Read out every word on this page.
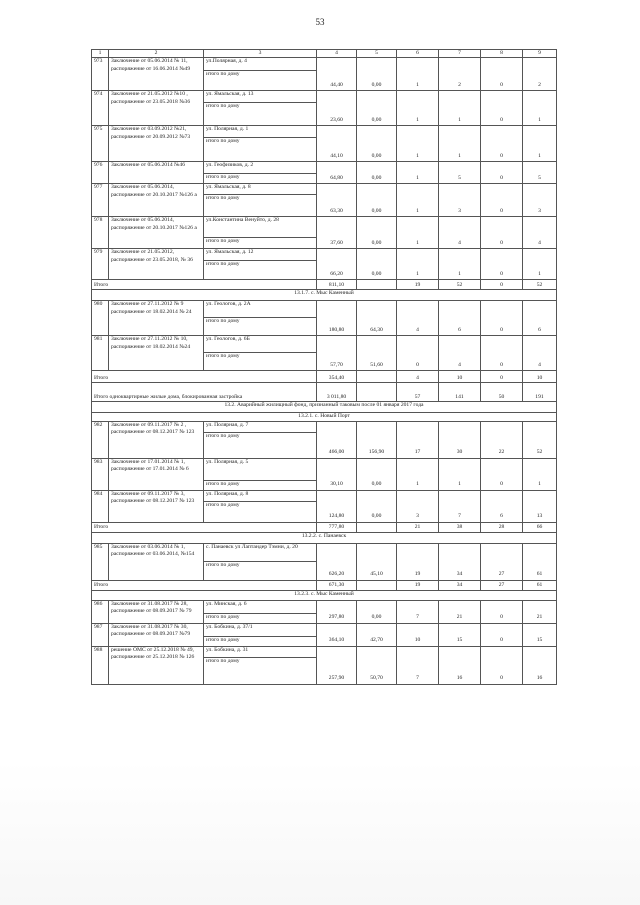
53
1	2	3	4	5	6	7	8	9
973	Заключение от 05.06.2014 № 11, распоряжение от 16.06.2014 №49	ул.Полярная, д. 4	44,40	0,00	1	2	0	2
		итого по дому						
974	Заключение от 21.05.2012 №10 , распоряжение от 23.05.2018 №36	ул. Ямальская, д. 13	23,60	0,00	1	1	0	1
		итого по дому						
975	Заключение от 03.09.2012 №21, распоряжение от 20.09.2012 №73	ул. Полярная, д. 1	44,10	0,00	1	1	0	1
		итого по дому						
976	Заключение от 05.06.2014 №46	ул. Геофизиков, д. 2	64,80	0,00	1	5	0	5
		итого по дому						
977	Заключение от 05.06.2014, распоряжение от 20.10.2017 №126 а	ул. Ямальская, д. 8	63,30	0,00	1	3	0	3
		итого по дому						
978	Заключение от 05.06.2014, распоряжение от 20.10.2017 №126 а	ул.Константина Венуйто, д. 28	37,60	0,00	1	4	0	4
		итого по дому						
979	Заключение от 21.05.2012, распоряжение от 23.05.2018, № 36	ул. Ямальская, д. 12	66,20	0,00	1	1	0	1
		итого по дому						
Итого			811,10		19	52	0	52
13.1.7. с. Мыс Каменный								
980	Заключение от 27.11.2012 № 9 распоряжение от 18.02.2014 № 24	ул. Геологов, д. 2А	180,80	64,30	4	6	0	6
		итого по дому						
981	Заключение от 27.11.2012 № 10, распоряжение от 18.02.2014 №24	ул. Геологов, д. 6Б	57,70	51,60	0	4	0	4
		итого по дому						
Итого			354,40		4	10	0	10
Итого одноквартирные жилые дома, блокированная застройка			3 011,80		57	141	50	191
13.2. Аварийный жилищный фонд, признанный таковым после 01 января 2017 года								
13.2.1. с. Новый Порт								
982	Заключение от 09.11.2017 № 2 , распоряжение от 08.12.2017 № 123	ул. Полярная, д. 7	466,00	156,90	17	30	22	52
		итого по дому						
983	Заключение от 17.01.2014 № 1, распоряжение от 17.01.2014 № 6	ул. Полярная, д. 5	30,10	0,00	1	1	0	1
		итого по дому						
984	Заключение от 09.11.2017 № 3, распоряжение от 08.12.2017 № 123	ул. Полярная, д. 8	124,80	0,00	3	7	6	13
		итого по дому						
Итого			777,80		21	38	28	66
13.2.2. с. Панаевск								
985	Заключение от 03.06.2014 № 1, распоряжение от 03.06.2014, №154	с. Панаевск ул Лаптандер Тэмни, д. 20	626,20	45,10	19	34	27	61
		итого по дому						
Итого			671,30		19	34	27	61
13.2.3. с. Мыс Каменный								
986	Заключение от 31.08.2017 № 28, распоряжение от 08.09.2017 № 79	ул. Минская, д. 6	297,80	0,00	7	21	0	21
		итого по дому						
987	Заключение от 31.08.2017 № 30, распоряжение от 08.09.2017 №79	ул. Бобкина, д. 37/1	364,10	42,70	10	15	0	15
		итого по дому						
988	решение ОМС от 25.12.2018 № 49, распоряжение от 25.12.2018 № 126	ул. Бобкина, д. 31	257,90	50,70	7	16	0	16
		итого по дому						
